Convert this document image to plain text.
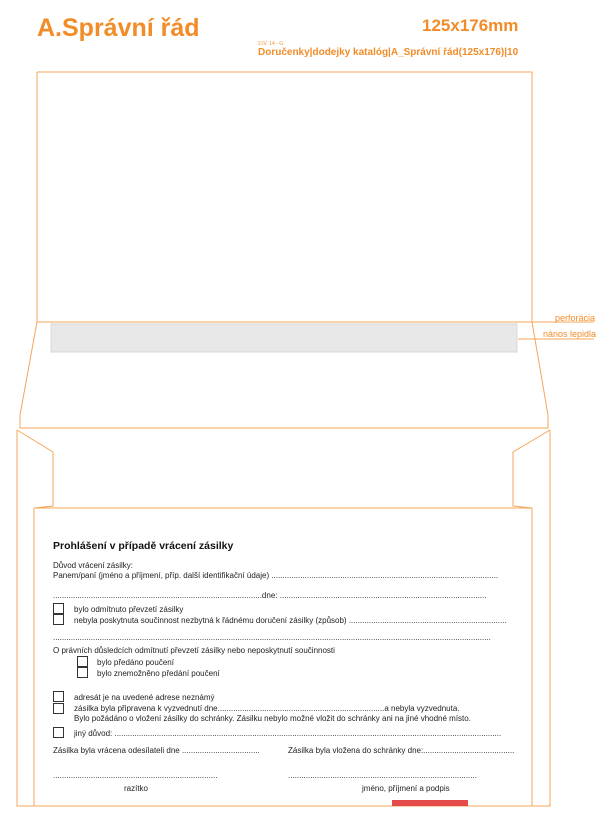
A.Správní řád	125x176mm
2.IV. 14 - G
Doručenky|dodejky katalóg|A_Správní řád(125x176)|10
perforácia
nános lepidla
Prohlášení v případě vrácení zásilky
Důvod vrácení zásilky:
Panem/paní (jméno a příjmení, příp. další identifikační údaje) ......................................................................................................
..............................................................................................dne: .............................................................................................
bylo odmítnuto převzetí zásilky
nebyla poskytnuta součinnost nezbytná k řádnému doručení zásilky (způsob) .......................................................................
.....................................................................................................................................................................................................
O právních důsledcích odmítnutí převzetí zásilky nebo neposkytnutí součinnosti
bylo předáno poučení
bylo znemožněno předání poučení
adresát je na uvedené adrese neznámý
zásilka byla připravena k vyzvednutí dne...........................................................................a nebyla vyzvednuta.
Bylo požádáno o vložení zásilky do schránky. Zásilku nebylo možné vložit do schránky ani na jiné vhodné místo.
jiný důvod: ..............................................................................................................................................................................
Zásilka byla vrácena odesílateli dne ...................................	Zásilka byla vložena do schránky dne:.........................................
..........................................................................	.....................................................................................
razítko	jméno, příjmení a podpis
